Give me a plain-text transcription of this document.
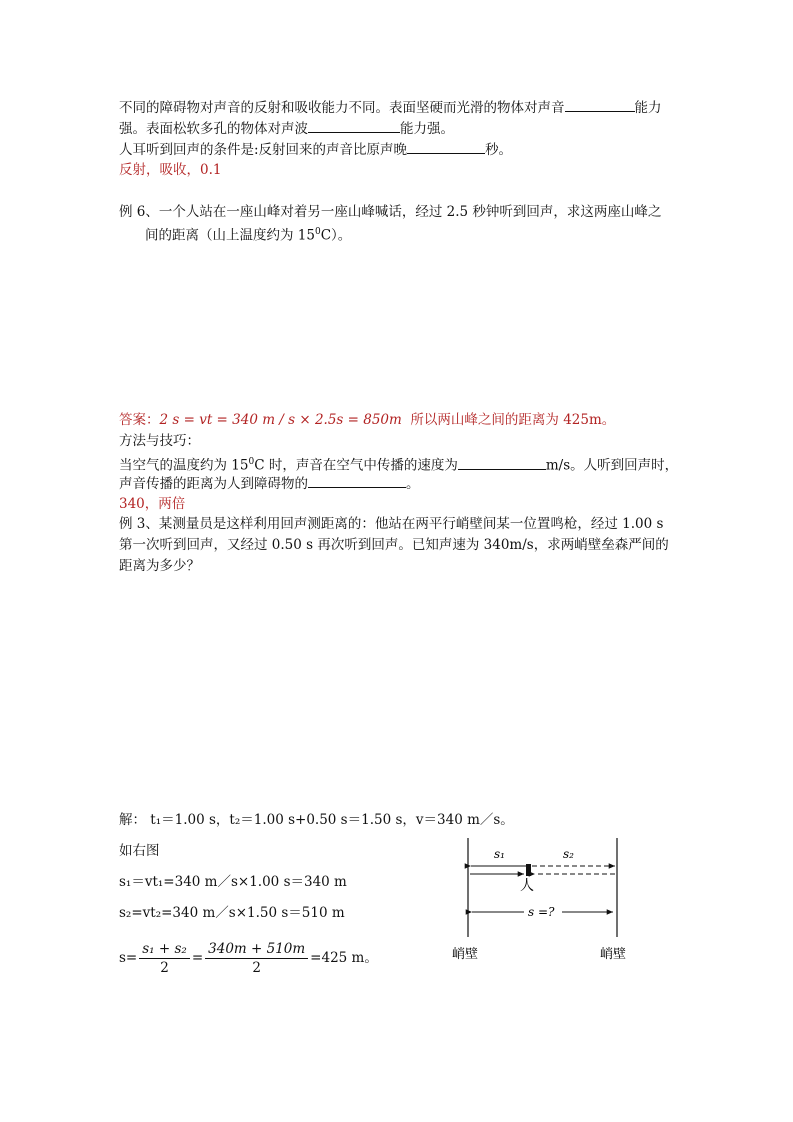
不同的障碍物对声音的反射和吸收能力不同。表面坚硬而光滑的物体对声音	能力
强。表面松软多孔的物体对声波	能力强。
人耳听到回声的条件是:反射回来的声音比原声晚	秒。
反射，吸收，0.1
例 6、一个人站在一座山峰对着另一座山峰喊话，经过 2.5 秒钟听到回声，求这两座山峰之
间的距离（山上温度约为 $15^0C$）。
答案：2 s = vt = 340 m / s × 2.5s = 850m 所以两山峰之间的距离为 425m。
方法与技巧：
当空气的温度约为 $15^0C$ 时，声音在空气中传播的速度为	m/s。人听到回声时，
声音传播的距离为人到障碍物的	。
340，两倍
例 3、某测量员是这样利用回声测距离的：他站在两平行峭壁间某一位置鸣枪，经过 1.00 s
第一次听到回声，又经过 0.50 s 再次听到回声。已知声速为 340m/s，求两峭壁垒森严间的
距离为多少？
解： t₁＝1.00 s，t₂＝1.00 s+0.50 s＝1.50 s，v＝340 m／s。
如右图
s₁＝vt₁=340 m／s×1.00 s＝340 m
s₂=vt₂=340 m／s×1.50 s＝510 m
$s= \frac{\text{s₁ + s₂}}{2} = \frac{340m + 510m}{2} =425$ m。
s₁	s₂
人
s =?
峭壁	峭壁
